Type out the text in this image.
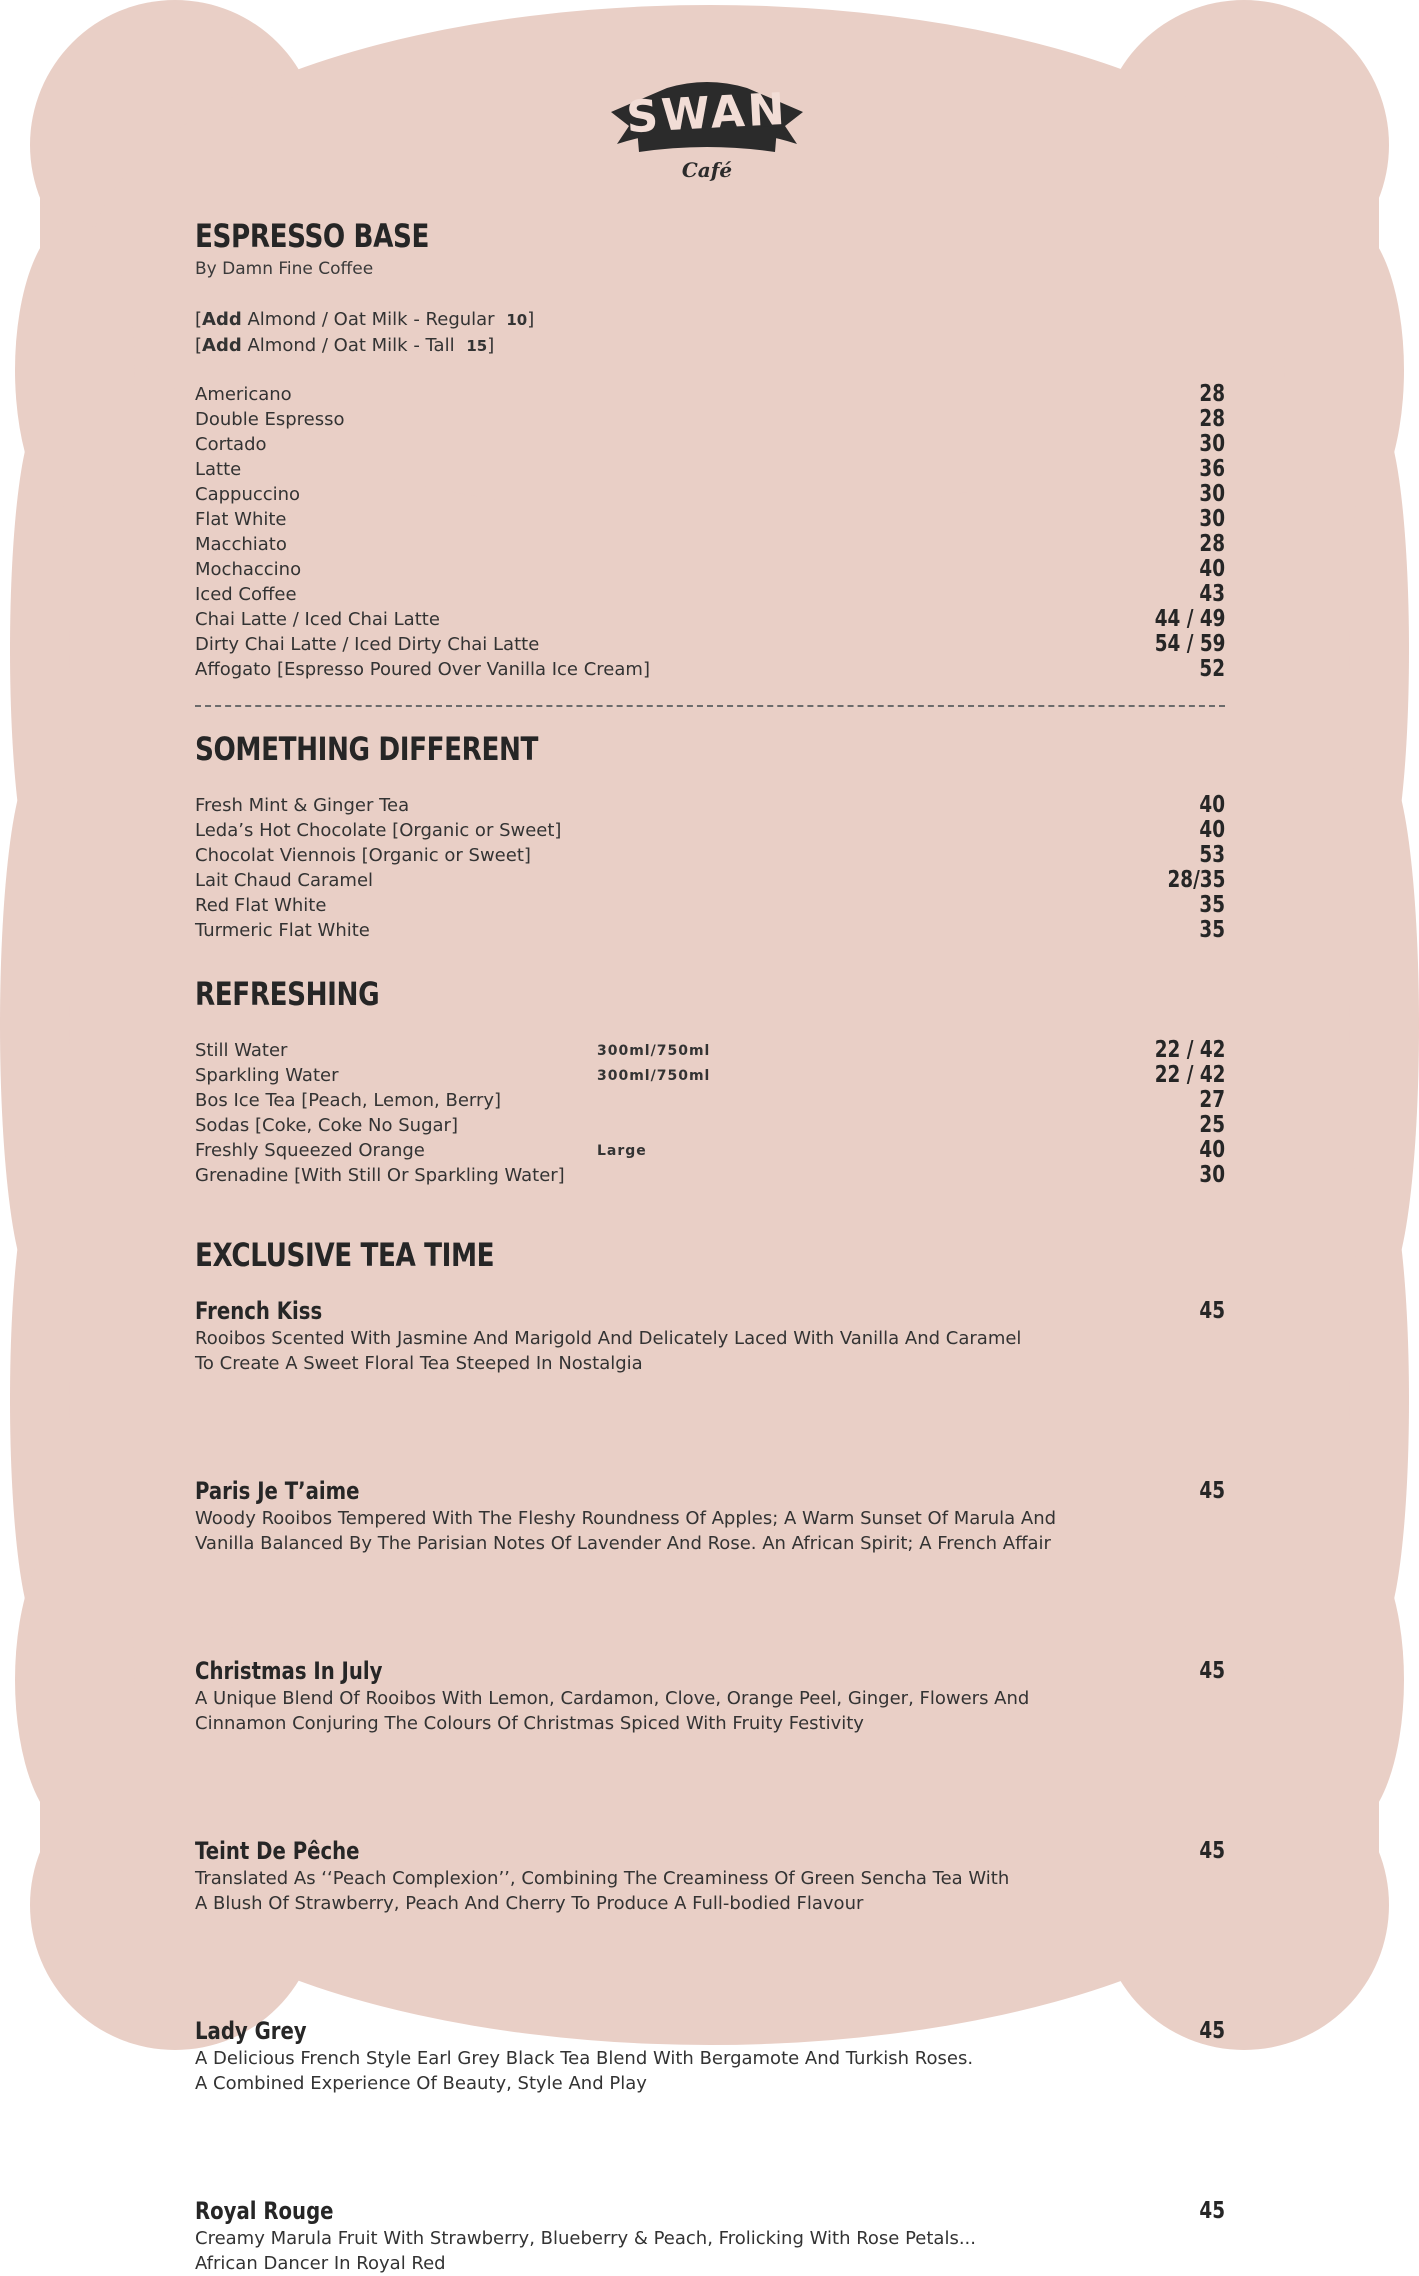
SWAN
Café
ESPRESSO BASE
By Damn Fine Coffee
[Add Almond / Oat Milk - Regular 10]
[Add Almond / Oat Milk - Tall 15]
Americano	28
Double Espresso	28
Cortado	30
Latte	36
Cappuccino	30
Flat White	30
Macchiato	28
Mochaccino	40
Iced Coffee	43
Chai Latte / Iced Chai Latte	44 / 49
Dirty Chai Latte / Iced Dirty Chai Latte	54 / 59
Affogato [Espresso Poured Over Vanilla Ice Cream]	52
SOMETHING DIFFERENT
Fresh Mint & Ginger Tea	40
Leda’s Hot Chocolate [Organic or Sweet]	40
Chocolat Viennois [Organic or Sweet]	53
Lait Chaud Caramel	28/35
Red Flat White	35
Turmeric Flat White	35
REFRESHING
Still Water	300ml/750ml	22 / 42
Sparkling Water	300ml/750ml	22 / 42
Bos Ice Tea [Peach, Lemon, Berry]	27
Sodas [Coke, Coke No Sugar]	25
Freshly Squeezed Orange	Large	40
Grenadine [With Still Or Sparkling Water]	30
EXCLUSIVE TEA TIME
French Kiss	45
Rooibos Scented With Jasmine And Marigold And Delicately Laced With Vanilla And Caramel
To Create A Sweet Floral Tea Steeped In Nostalgia
Paris Je T’aime	45
Woody Rooibos Tempered With The Fleshy Roundness Of Apples; A Warm Sunset Of Marula And
Vanilla Balanced By The Parisian Notes Of Lavender And Rose. An African Spirit; A French Affair
Christmas In July	45
A Unique Blend Of Rooibos With Lemon, Cardamon, Clove, Orange Peel, Ginger, Flowers And
Cinnamon Conjuring The Colours Of Christmas Spiced With Fruity Festivity
Teint De Pêche	45
Translated As ‘‘Peach Complexion’’, Combining The Creaminess Of Green Sencha Tea With
A Blush Of Strawberry, Peach And Cherry To Produce A Full-bodied Flavour
Lady Grey	45
A Delicious French Style Earl Grey Black Tea Blend With Bergamote And Turkish Roses.
A Combined Experience Of Beauty, Style And Play
Royal Rouge	45
Creamy Marula Fruit With Strawberry, Blueberry & Peach, Frolicking With Rose Petals...
African Dancer In Royal Red
